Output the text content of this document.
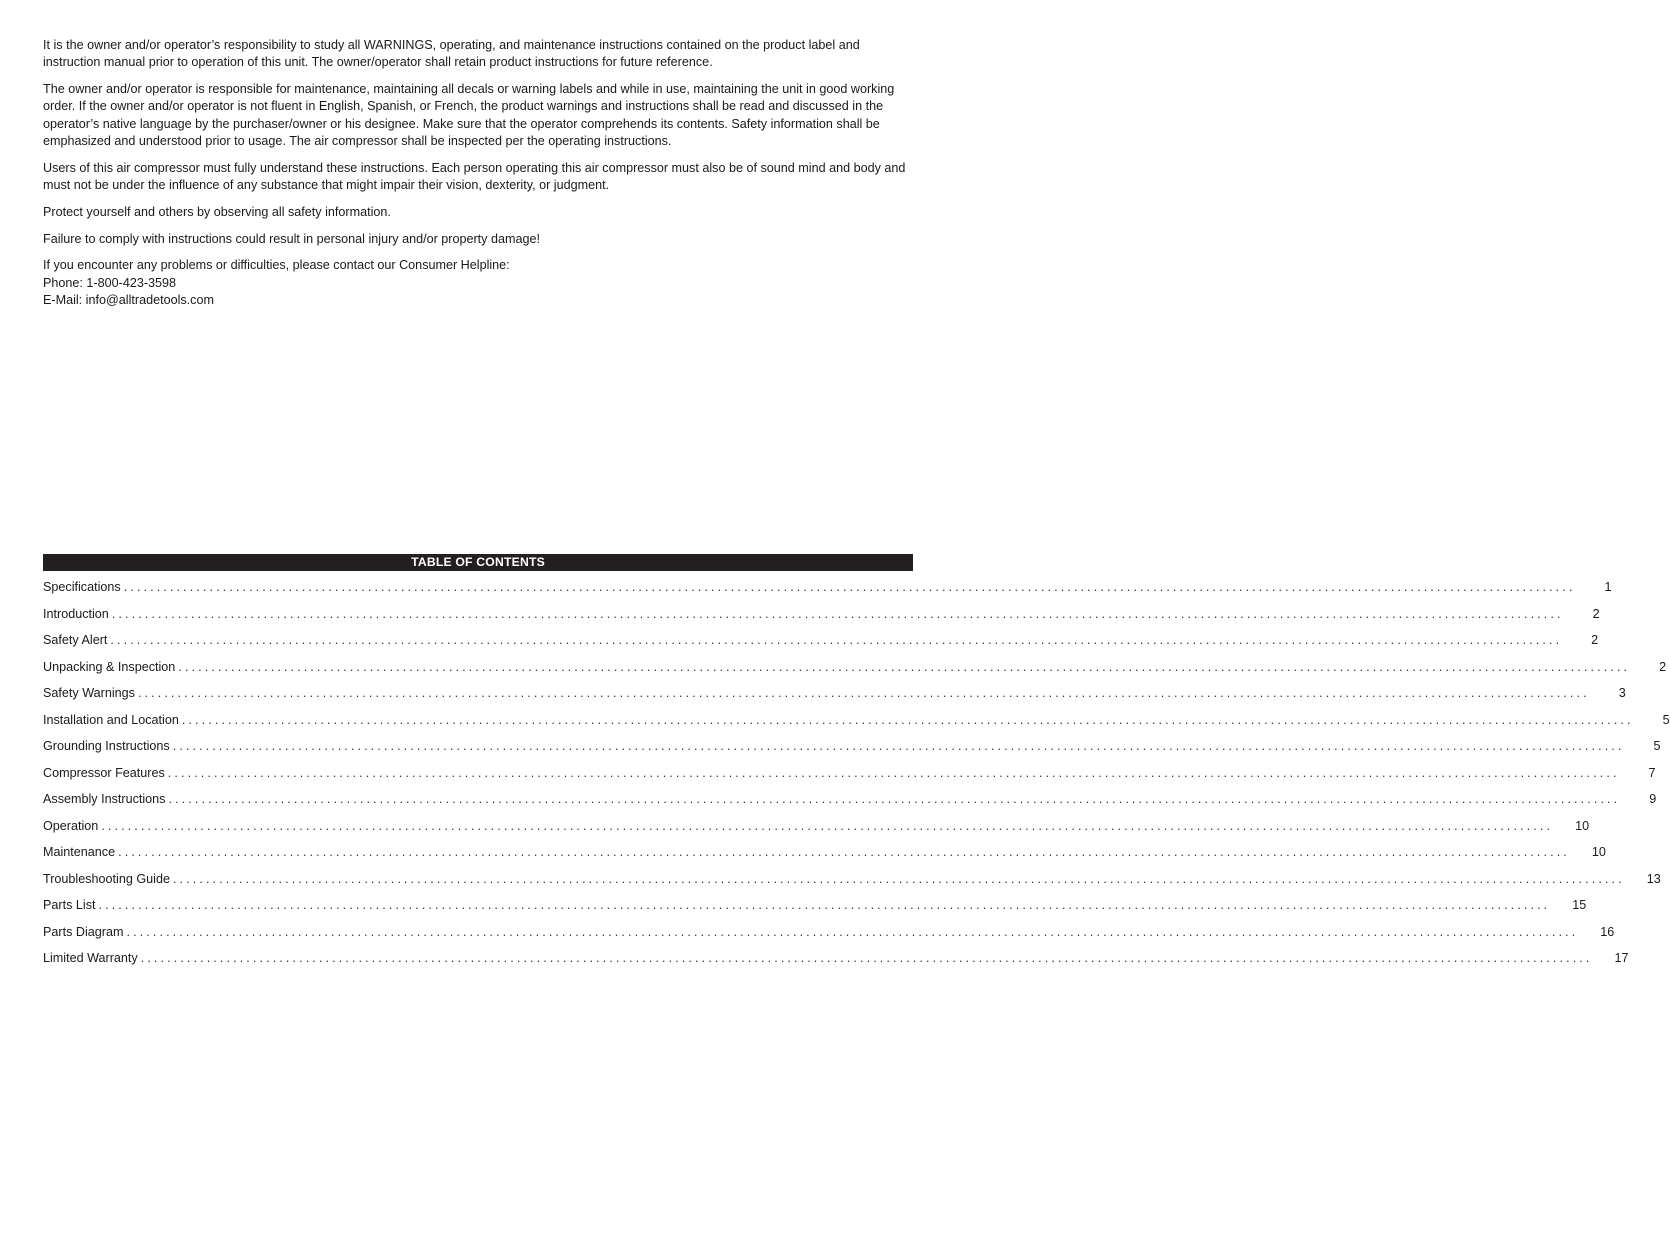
It is the owner and/or operator’s responsibility to study all WARNINGS, operating, and maintenance instructions contained on the product label and instruction manual prior to operation of this unit. The owner/operator shall retain product instructions for future reference.

The owner and/or operator is responsible for maintenance, maintaining all decals or warning labels and while in use, maintaining the unit in good working order. If the owner and/or operator is not fluent in English, Spanish, or French, the product warnings and instructions shall be read and discussed in the operator’s native language by the purchaser/owner or his designee. Make sure that the operator comprehends its contents. Safety information shall be emphasized and understood prior to usage. The air compressor shall be inspected per the operating instructions.

Users of this air compressor must fully understand these instructions. Each person operating this air compressor must also be of sound mind and body and must not be under the influence of any substance that might impair their vision, dexterity, or judgment.

Protect yourself and others by observing all safety information.

Failure to comply with instructions could result in personal injury and/or property damage!

If you encounter any problems or difficulties, please contact our Consumer Helpline:
Phone: 1-800-423-3598
E-Mail: info@alltradetools.com

TABLE OF CONTENTS
Specifications ............................................................................................................................................................................................................................	1
Introduction ............................................................................................................................................................................................................................	2
Safety Alert ............................................................................................................................................................................................................................	2
Unpacking & Inspection ............................................................................................................................................................................................................................	2
Safety Warnings ............................................................................................................................................................................................................................	3
Installation and Location ............................................................................................................................................................................................................................	5
Grounding Instructions ............................................................................................................................................................................................................................	5
Compressor Features ............................................................................................................................................................................................................................	7
Assembly Instructions ............................................................................................................................................................................................................................	9
Operation ............................................................................................................................................................................................................................	10
Maintenance ............................................................................................................................................................................................................................	10
Troubleshooting Guide ............................................................................................................................................................................................................................	13
Parts List ............................................................................................................................................................................................................................	15
Parts Diagram ............................................................................................................................................................................................................................	16
Limited Warranty ............................................................................................................................................................................................................................	17
